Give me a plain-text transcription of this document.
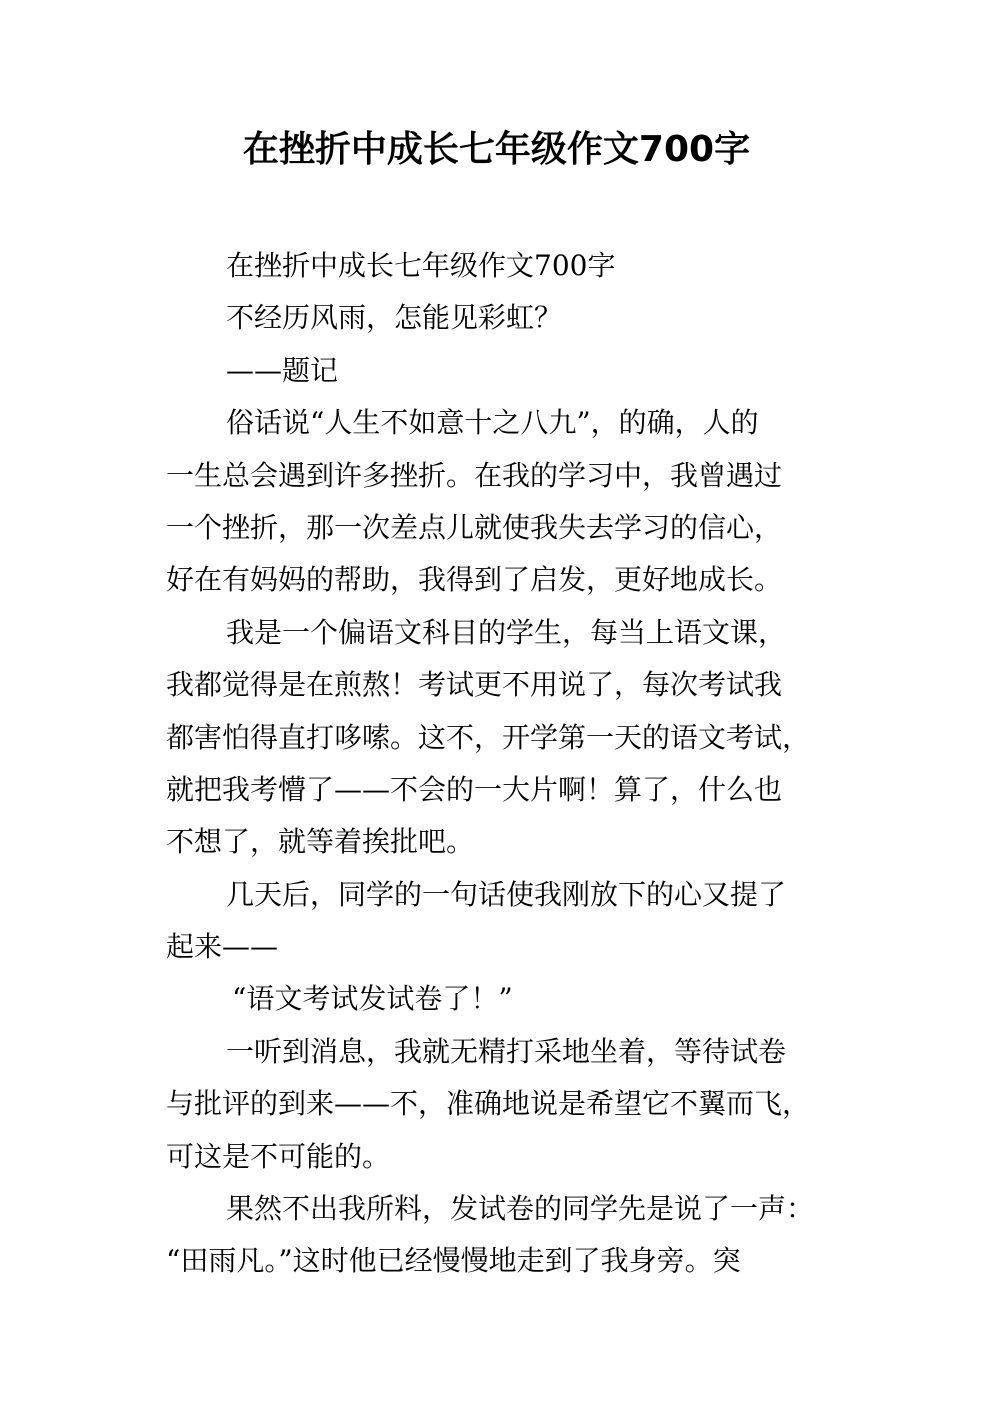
在挫折中成长七年级作文700字
在挫折中成长七年级作文700字
不经历风雨，怎能见彩虹？
——题记
俗话说“人生不如意十之八九”，的确，人的
一生总会遇到许多挫折。在我的学习中，我曾遇过
一个挫折，那一次差点儿就使我失去学习的信心，
好在有妈妈的帮助，我得到了启发，更好地成长。
我是一个偏语文科目的学生，每当上语文课，
我都觉得是在煎熬！考试更不用说了，每次考试我
都害怕得直打哆嗦。这不，开学第一天的语文考试，
就把我考懵了——不会的一大片啊！算了，什么也
不想了，就等着挨批吧。
几天后，同学的一句话使我刚放下的心又提了
起来——
“语文考试发试卷了！”
一听到消息，我就无精打采地坐着，等待试卷
与批评的到来——不，准确地说是希望它不翼而飞，
可这是不可能的。
果然不出我所料，发试卷的同学先是说了一声：
“田雨凡。”这时他已经慢慢地走到了我身旁。突
